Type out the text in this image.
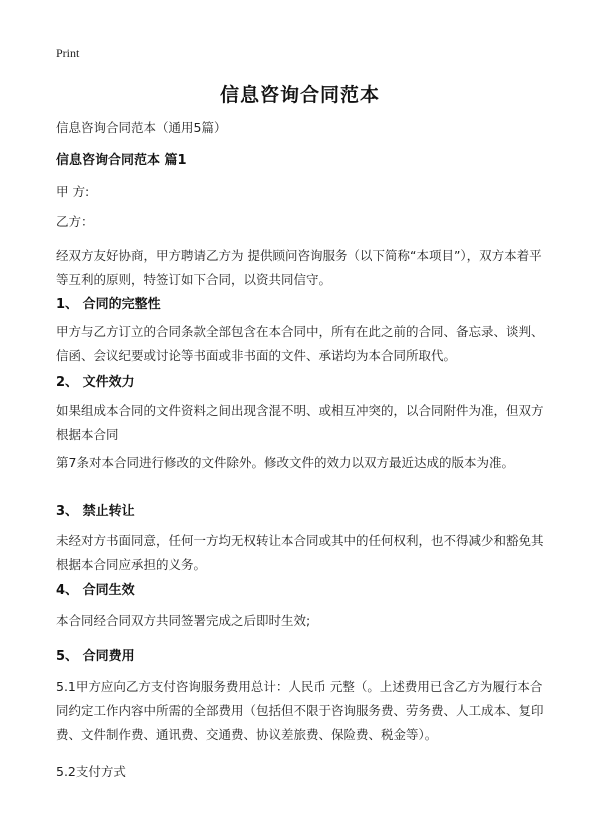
Print
信息咨询合同范本
信息咨询合同范本（通用5篇）
信息咨询合同范本 篇1
甲 方:
乙方：
经双方友好协商，甲方聘请乙方为 提供顾问咨询服务（以下简称“本项目”），双方本着平等互利的原则，特签订如下合同，以资共同信守。
1、 合同的完整性
甲方与乙方订立的合同条款全部包含在本合同中，所有在此之前的合同、备忘录、谈判、信函、会议纪要或讨论等书面或非书面的文件、承诺均为本合同所取代。
2、 文件效力
如果组成本合同的文件资料之间出现含混不明、或相互冲突的，以合同附件为准，但双方根据本合同
第7条对本合同进行修改的文件除外。修改文件的效力以双方最近达成的版本为准。
3、 禁止转让
未经对方书面同意，任何一方均无权转让本合同或其中的任何权利，也不得减少和豁免其根据本合同应承担的义务。
4、 合同生效
本合同经合同双方共同签署完成之后即时生效;
5、 合同费用
5.1甲方应向乙方支付咨询服务费用总计：人民币 元整（。上述费用已含乙方为履行本合同约定工作内容中所需的全部费用（包括但不限于咨询服务费、劳务费、人工成本、复印费、文件制作费、通讯费、交通费、协议差旅费、保险费、税金等）。
5.2支付方式
